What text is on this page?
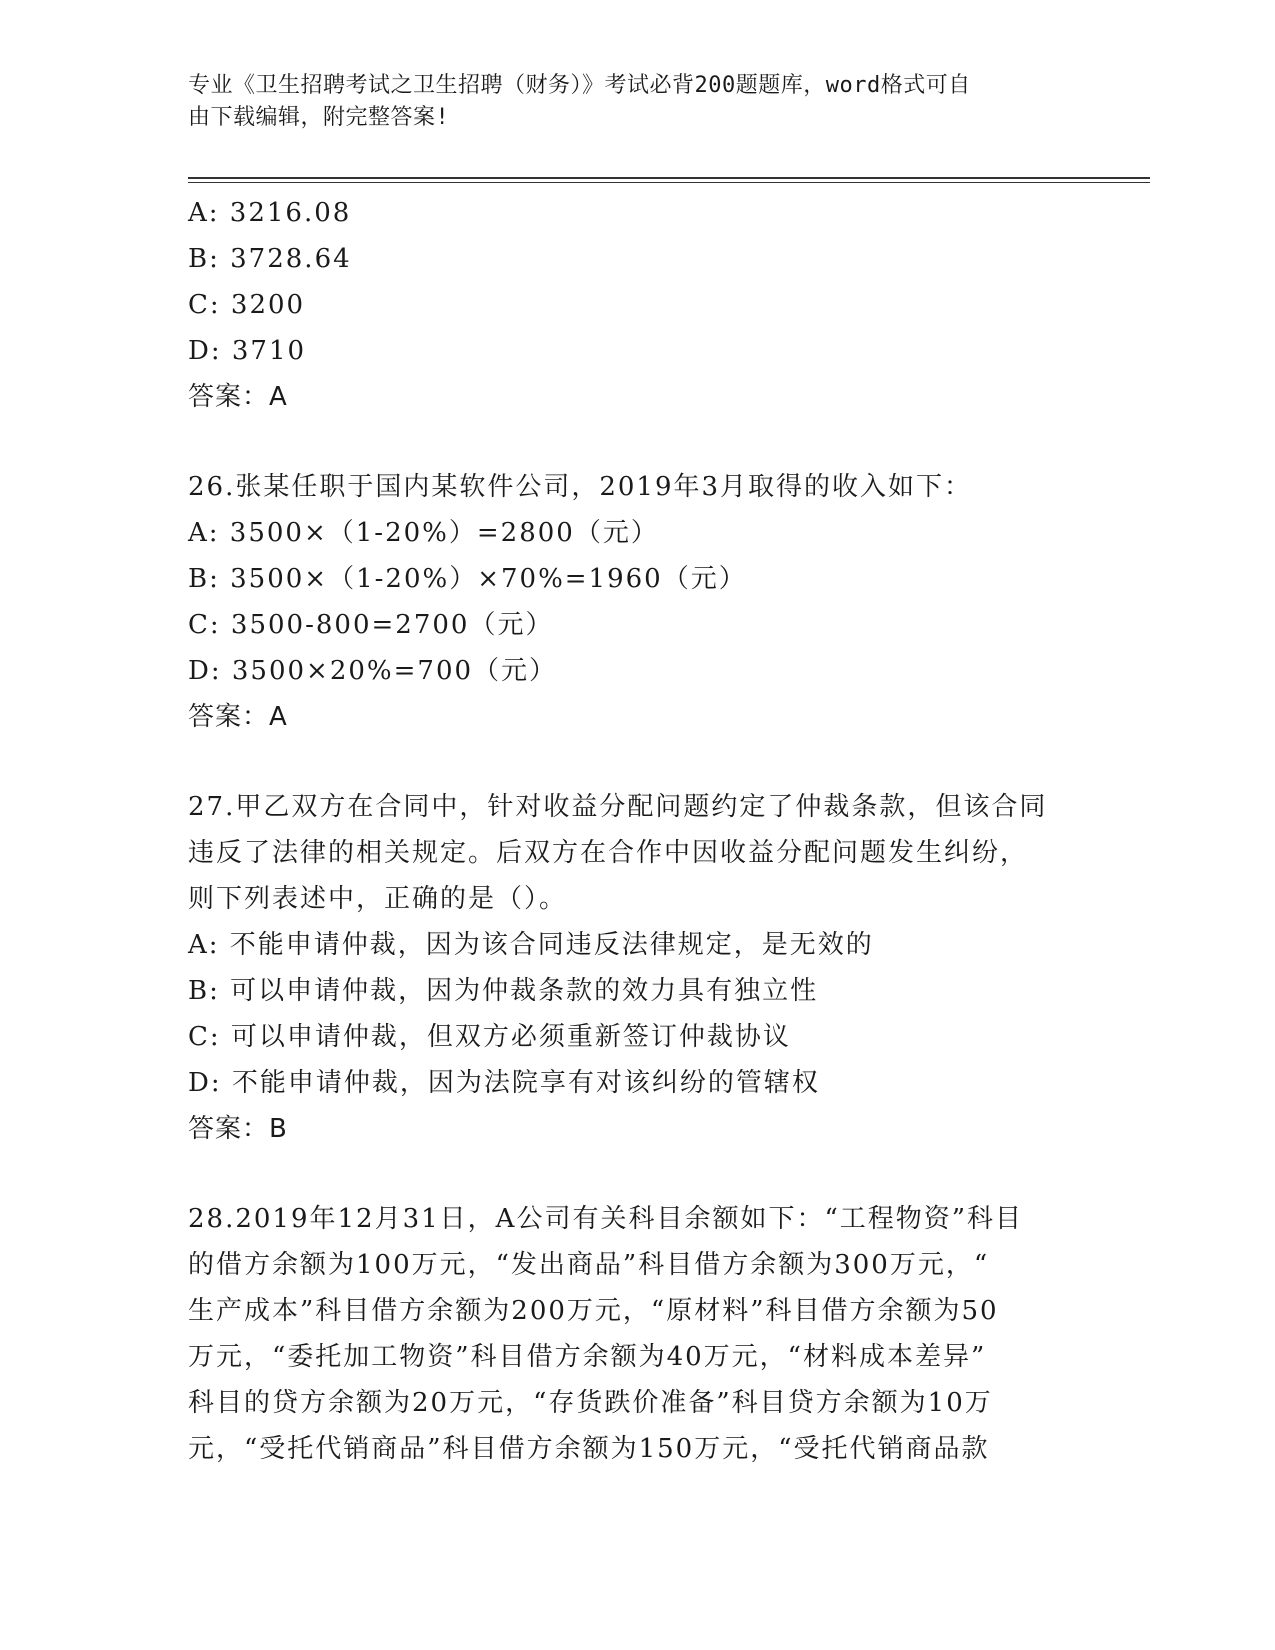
专业《卫生招聘考试之卫生招聘（财务）》考试必背200题题库，word格式可自
由下载编辑，附完整答案!
A: 3216.08
B: 3728.64
C: 3200
D: 3710
答案：A
26.张某任职于国内某软件公司，2019年3月取得的收入如下：
A: 3500×（1-20%）=2800（元）
B: 3500×（1-20%）×70%=1960（元）
C: 3500-800=2700（元）
D: 3500×20%=700（元）
答案：A
27.甲乙双方在合同中，针对收益分配问题约定了仲裁条款，但该合同
违反了法律的相关规定。后双方在合作中因收益分配问题发生纠纷，
则下列表述中，正确的是（）。
A: 不能申请仲裁，因为该合同违反法律规定，是无效的
B: 可以申请仲裁，因为仲裁条款的效力具有独立性
C: 可以申请仲裁，但双方必须重新签订仲裁协议
D: 不能申请仲裁，因为法院享有对该纠纷的管辖权
答案：B
28.2019年12月31日，A公司有关科目余额如下：“工程物资”科目
的借方余额为100万元，“发出商品”科目借方余额为300万元，“
生产成本”科目借方余额为200万元，“原材料”科目借方余额为50
万元，“委托加工物资”科目借方余额为40万元，“材料成本差异”
科目的贷方余额为20万元，“存货跌价准备”科目贷方余额为10万
元，“受托代销商品”科目借方余额为150万元，“受托代销商品款
